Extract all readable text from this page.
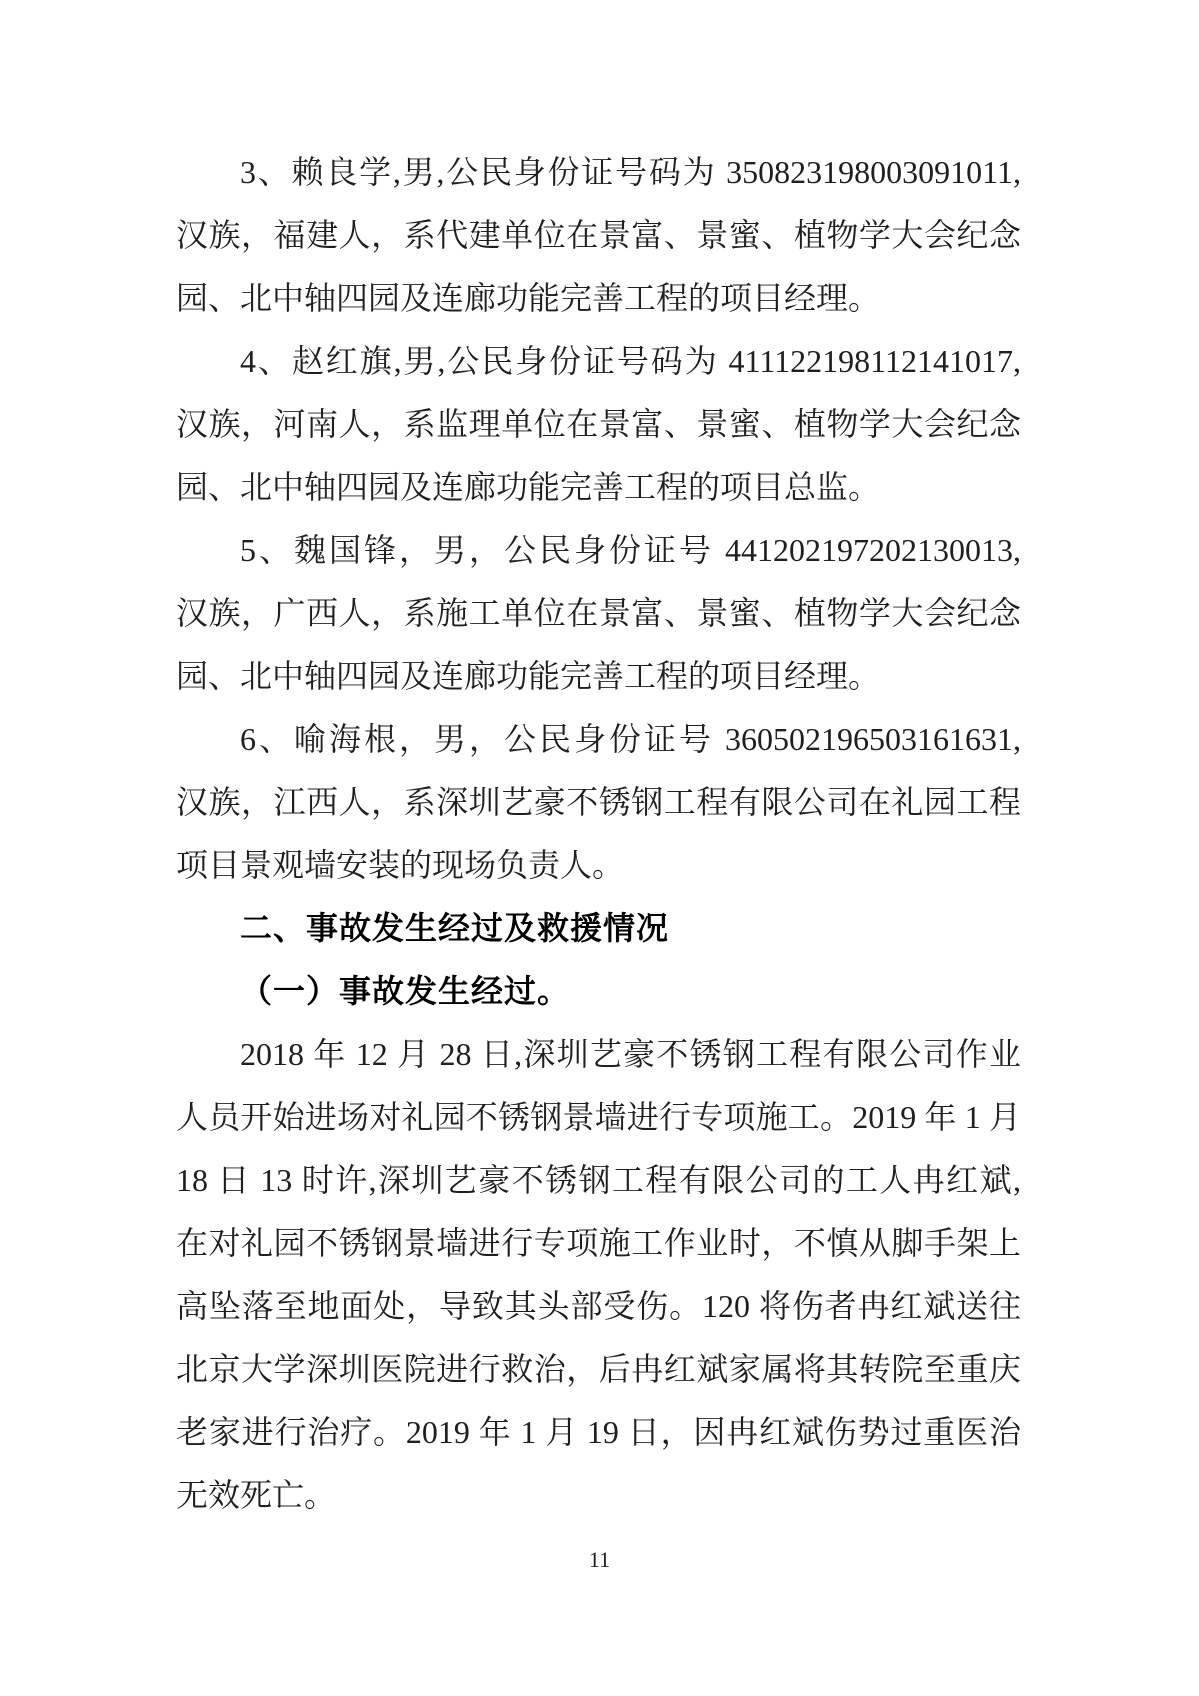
3、赖良学,男,公民身份证号码为 350823198003091011,
汉族，福建人，系代建单位在景富、景蜜、植物学大会纪念
园、北中轴四园及连廊功能完善工程的项目经理。
4、赵红旗,男,公民身份证号码为 411122198112141017,
汉族，河南人，系监理单位在景富、景蜜、植物学大会纪念
园、北中轴四园及连廊功能完善工程的项目总监。
5、魏国锋，男，公民身份证号 441202197202130013,
汉族，广西人，系施工单位在景富、景蜜、植物学大会纪念
园、北中轴四园及连廊功能完善工程的项目经理。
6、喻海根，男，公民身份证号 360502196503161631,
汉族，江西人，系深圳艺豪不锈钢工程有限公司在礼园工程
项目景观墙安装的现场负责人。
二、事故发生经过及救援情况
（一）事故发生经过。
2018 年 12 月 28 日,深圳艺豪不锈钢工程有限公司作业
人员开始进场对礼园不锈钢景墙进行专项施工。2019 年 1 月
18 日 13 时许,深圳艺豪不锈钢工程有限公司的工人冉红斌,
在对礼园不锈钢景墙进行专项施工作业时，不慎从脚手架上
高坠落至地面处，导致其头部受伤。120 将伤者冉红斌送往
北京大学深圳医院进行救治，后冉红斌家属将其转院至重庆
老家进行治疗。2019 年 1 月 19 日，因冉红斌伤势过重医治
无效死亡。
11
